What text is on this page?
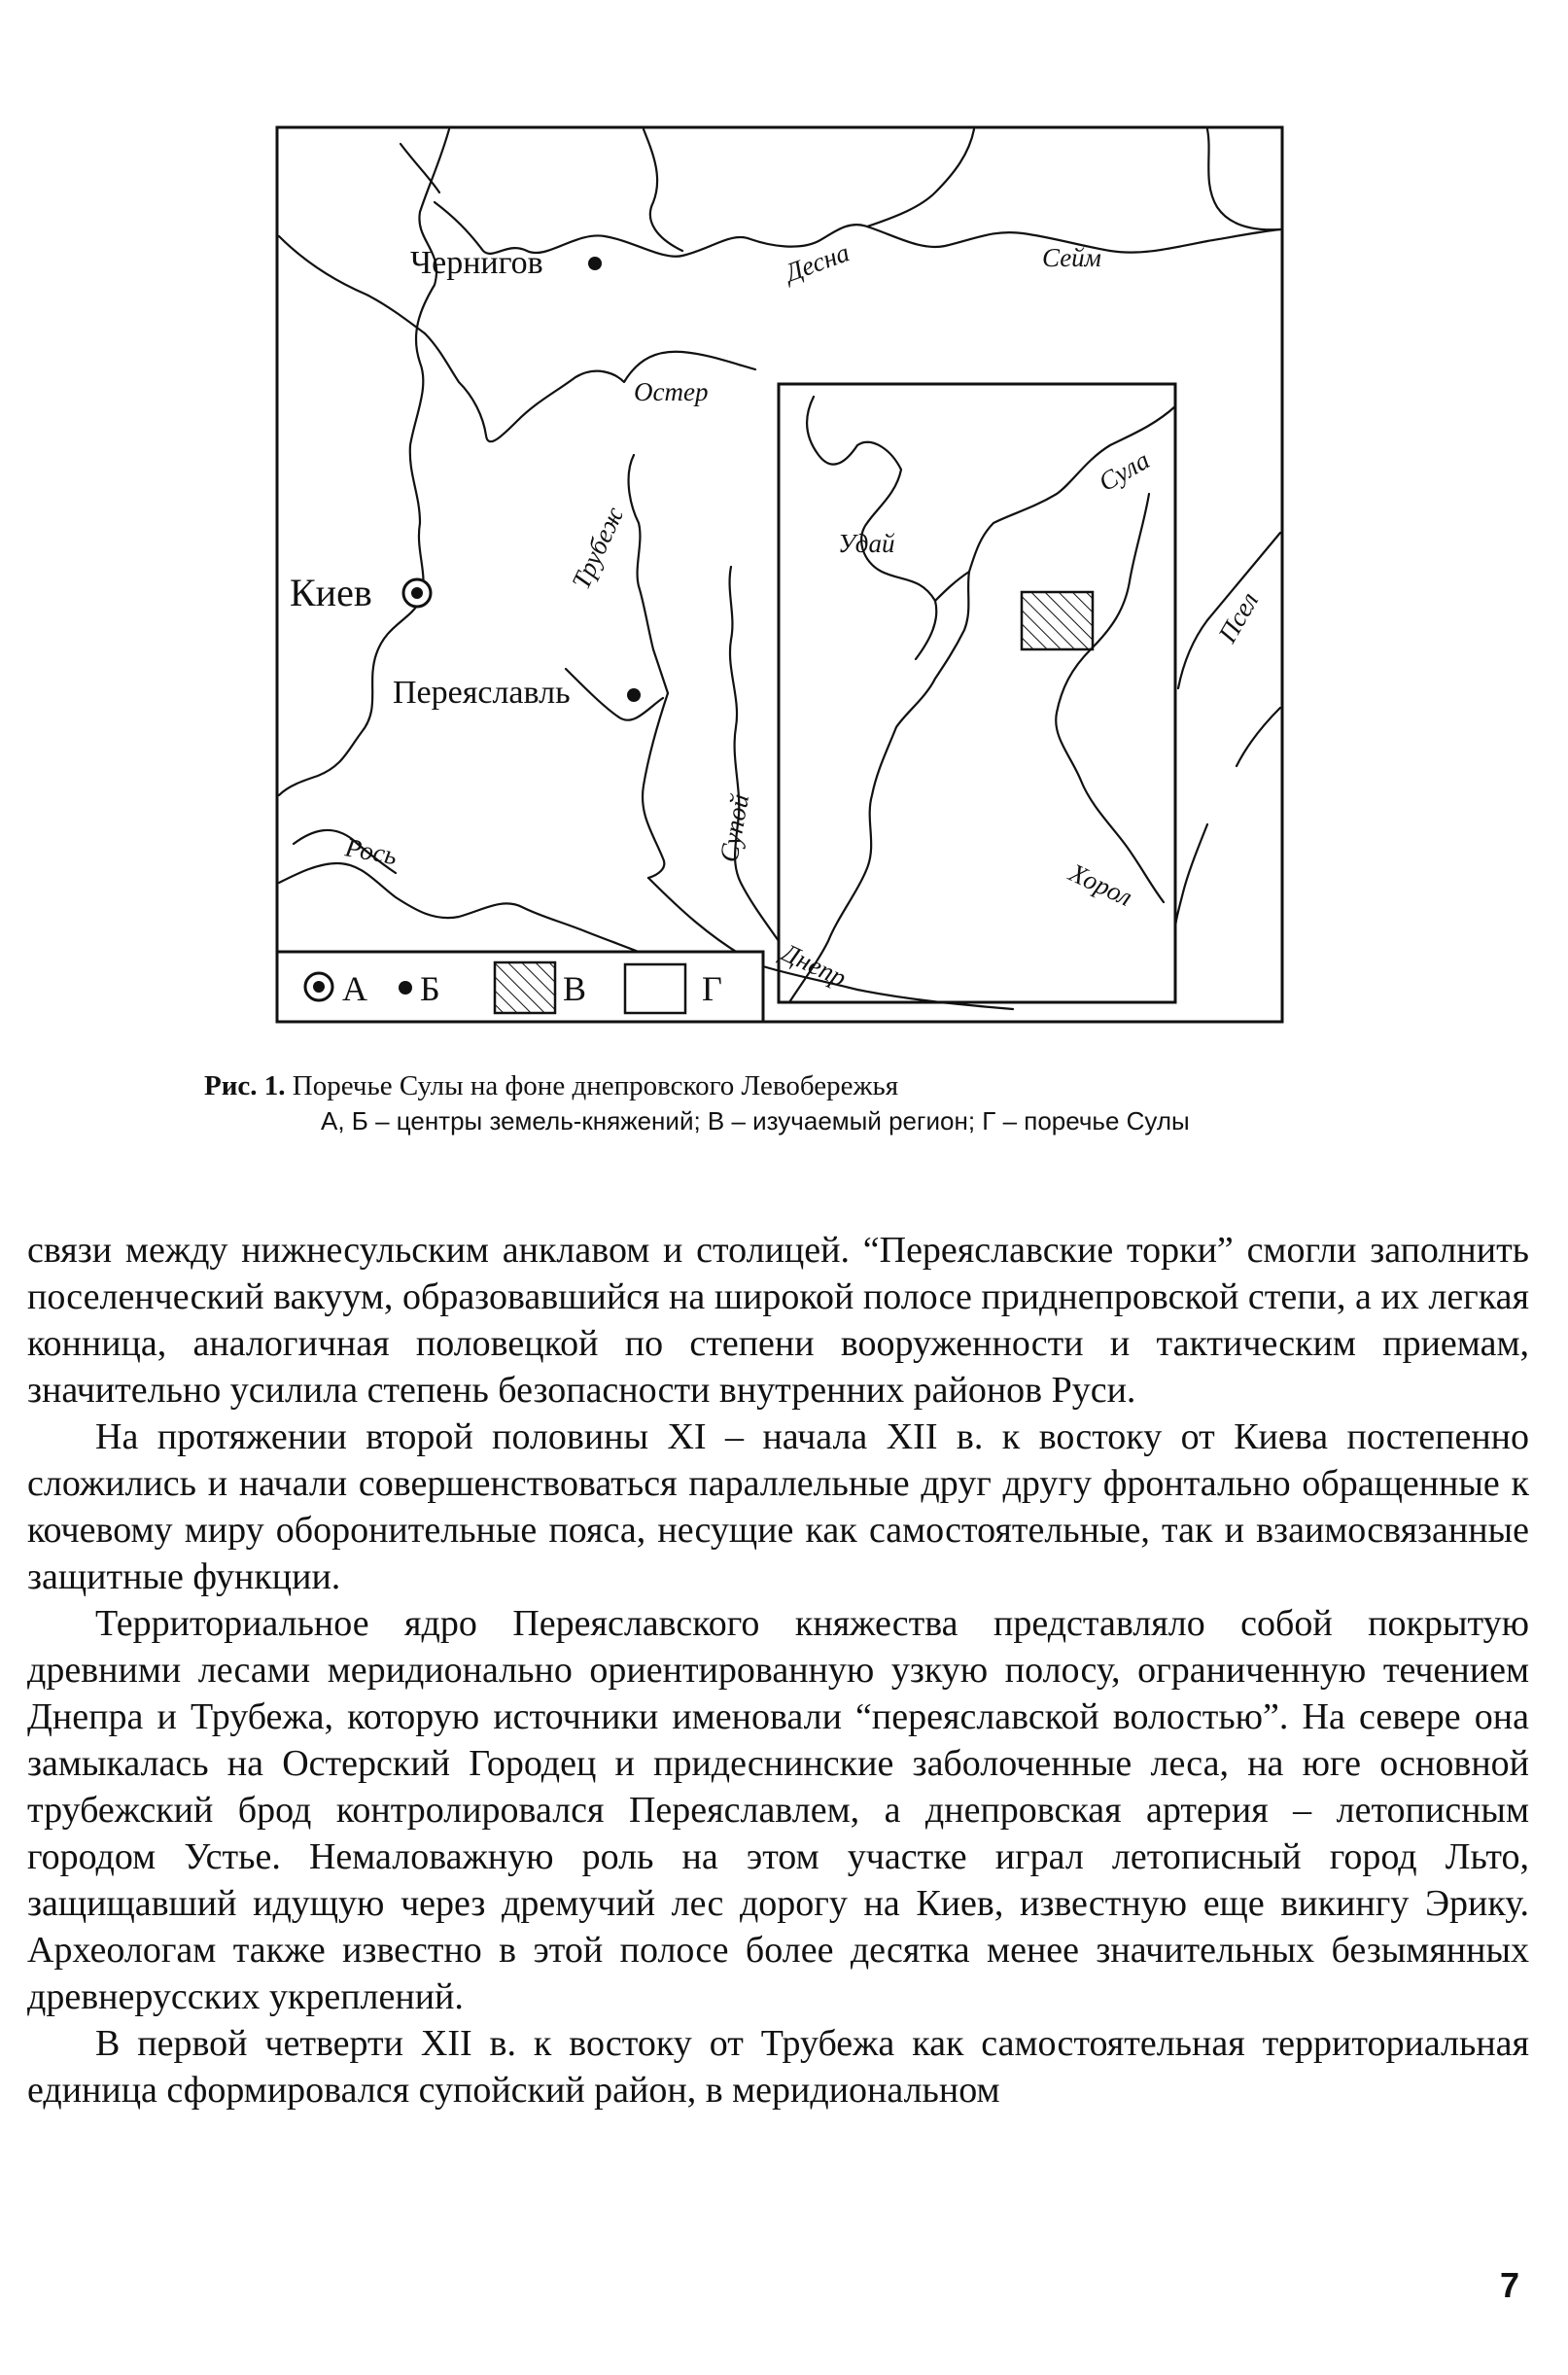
Чернигов
Киев
Переяславль
Десна	Сейм
Остер
Трубеж
Сула
Удай
Псел
Супой
Рось
Хорол
Днепр
А Б	В	Г
Рис. 1. Поречье Сулы на фоне днепровского Левобережья
А, Б – центры земель-княжений; В – изучаемый регион; Г – поречье Сулы

связи между нижнесульским анклавом и столицей. “Переяславские торки” смогли заполнить поселенческий вакуум, образовавшийся на широкой полосе приднепровской степи, а их легкая конница, аналогичная половецкой по степени вооруженности и тактическим приемам, значительно усилила степень безопасности внутренних районов Руси.

На протяжении второй половины XI – начала XII в. к востоку от Киева постепенно сложились и начали совершенствоваться параллельные друг другу фронтально обращенные к кочевому миру оборонительные пояса, несущие как самостоятельные, так и взаимосвязанные защитные функции.

Территориальное ядро Переяславского княжества представляло собой покрытую древними лесами меридионально ориентированную узкую полосу, ограниченную течением Днепра и Трубежа, которую источники именовали “переяславской волостью”. На севере она замыкалась на Остерский Городец и придеснинские заболоченные леса, на юге основной трубежский брод контролировался Переяславлем, а днепровская артерия – летописным городом Устье. Немаловажную роль на этом участке играл летописный город Льто, защищавший идущую через дремучий лес дорогу на Киев, известную еще викингу Эрику. Археологам также известно в этой полосе более десятка менее значительных безымянных древнерусских укреплений.

В первой четверти XII в. к востоку от Трубежа как самостоятельная территориальная единица сформировался супойский район, в меридиональном

7
